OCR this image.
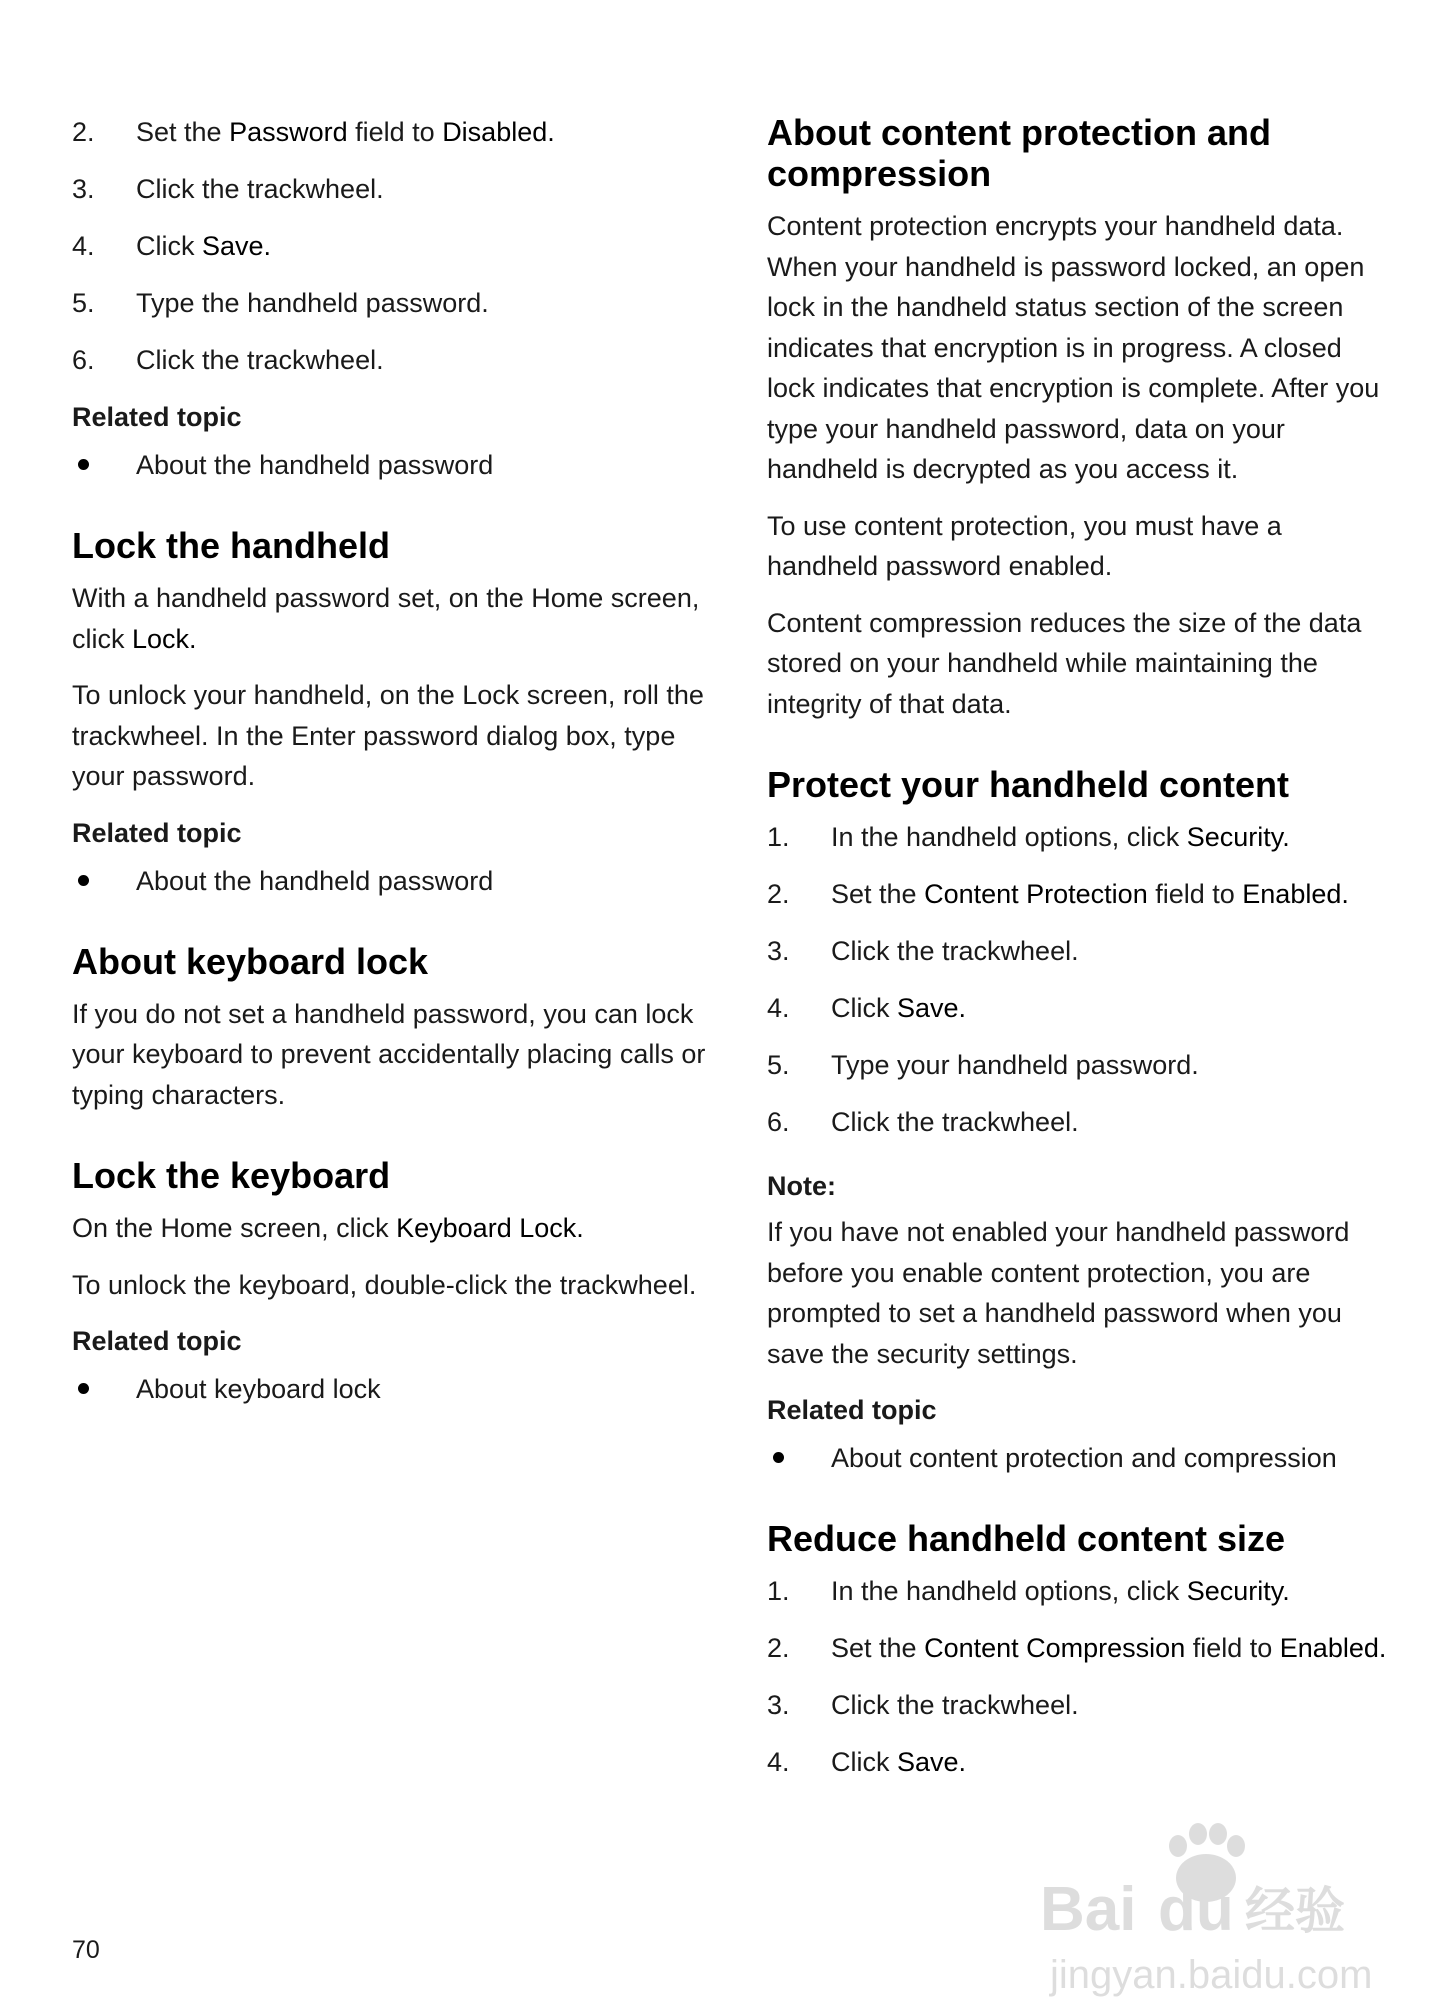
2. Set the Password field to Disabled.
3. Click the trackwheel.
4. Click Save.
5. Type the handheld password.
6. Click the trackwheel.
Related topic
About the handheld password
Lock the handheld

With a handheld password set, on the Home screen, click Lock.

To unlock your handheld, on the Lock screen, roll the trackwheel. In the Enter password dialog box, type your password.

Related topic
About the handheld password
About keyboard lock

If you do not set a handheld password, you can lock your keyboard to prevent accidentally placing calls or typing characters.

Lock the keyboard

On the Home screen, click Keyboard Lock.

To unlock the keyboard, double-click the trackwheel.

Related topic
About keyboard lock
About content protection and compression

Content protection encrypts your handheld data. When your handheld is password locked, an open lock in the handheld status section of the screen indicates that encryption is in progress. A closed lock indicates that encryption is complete. After you type your handheld password, data on your handheld is decrypted as you access it.

To use content protection, you must have a handheld password enabled.

Content compression reduces the size of the data stored on your handheld while maintaining the integrity of that data.

Protect your handheld content
1. In the handheld options, click Security.
2. Set the Content Protection field to Enabled.
3. Click the trackwheel.
4. Click Save.
5. Type your handheld password.
6. Click the trackwheel.
Note:

If you have not enabled your handheld password before you enable content protection, you are prompted to set a handheld password when you save the security settings.

Related topic
About content protection and compression
Reduce handheld content size
1. In the handheld options, click Security.
2. Set the Content Compression field to Enabled.
3. Click the trackwheel.
4. Click Save.
70
Bai du 经验
jingyan.baidu.com
